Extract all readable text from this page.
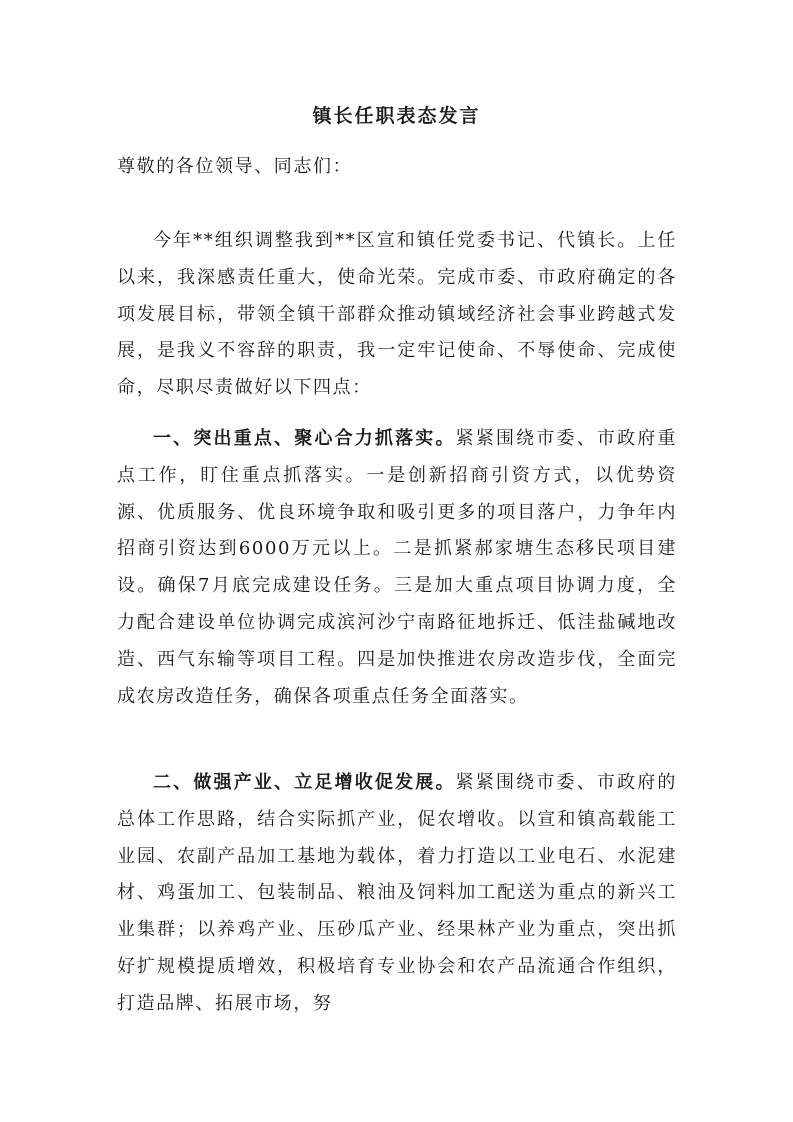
镇长任职表态发言

尊敬的各位领导、同志们：

今年**组织调整我到**区宣和镇任党委书记、代镇长。上任以来，我深感责任重大，使命光荣。完成市委、市政府确定的各项发展目标，带领全镇干部群众推动镇域经济社会事业跨越式发展，是我义不容辞的职责，我一定牢记使命、不辱使命、完成使命，尽职尽责做好以下四点：

一、突出重点、聚心合力抓落实。紧紧围绕市委、市政府重点工作，盯住重点抓落实。一是创新招商引资方式，以优势资源、优质服务、优良环境争取和吸引更多的项目落户，力争年内招商引资达到6000万元以上。二是抓紧郝家塘生态移民项目建设。确保7月底完成建设任务。三是加大重点项目协调力度，全力配合建设单位协调完成滨河沙宁南路征地拆迁、低洼盐碱地改造、西气东输等项目工程。四是加快推进农房改造步伐，全面完成农房改造任务，确保各项重点任务全面落实。

二、做强产业、立足增收促发展。紧紧围绕市委、市政府的总体工作思路，结合实际抓产业，促农增收。以宣和镇高载能工业园、农副产品加工基地为载体，着力打造以工业电石、水泥建材、鸡蛋加工、包装制品、粮油及饲料加工配送为重点的新兴工业集群；以养鸡产业、压砂瓜产业、经果林产业为重点，突出抓好扩规模提质增效，积极培育专业协会和农产品流通合作组织，打造品牌、拓展市场，努
